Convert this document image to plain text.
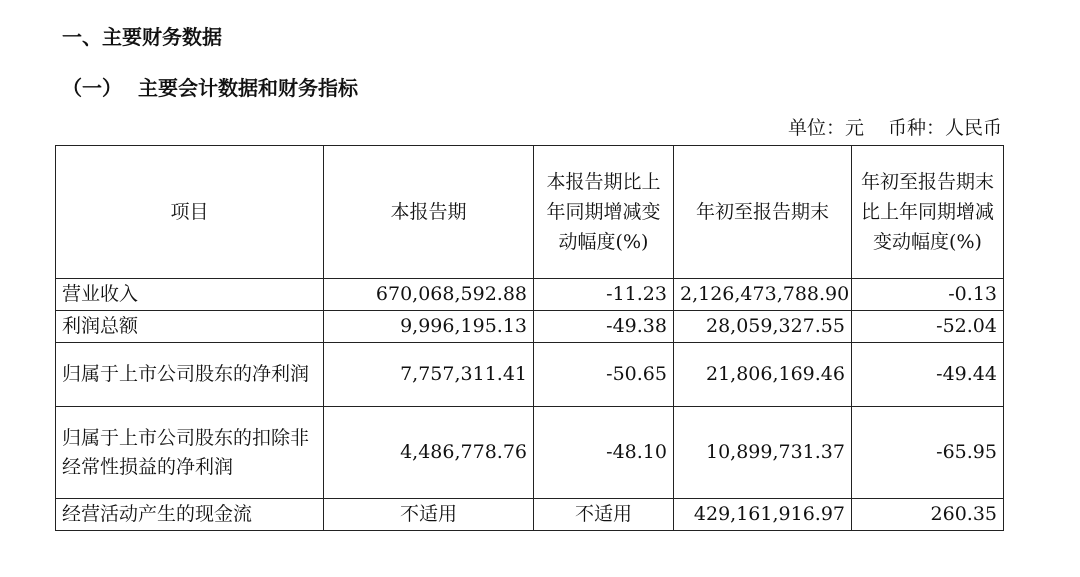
一、主要财务数据
（一） 主要会计数据和财务指标
单位：元 币种：人民币
项目	本报告期	本报告期比上年同期增减变动幅度(%)	年初至报告期末	年初至报告期末比上年同期增减变动幅度(%)
营业收入	670,068,592.88	-11.23	2,126,473,788.90	-0.13
利润总额	9,996,195.13	-49.38	28,059,327.55	-52.04
归属于上市公司股东的净利润	7,757,311.41	-50.65	21,806,169.46	-49.44
归属于上市公司股东的扣除非经常性损益的净利润	4,486,778.76	-48.10	10,899,731.37	-65.95
经营活动产生的现金流	不适用	不适用	429,161,916.97	260.35
